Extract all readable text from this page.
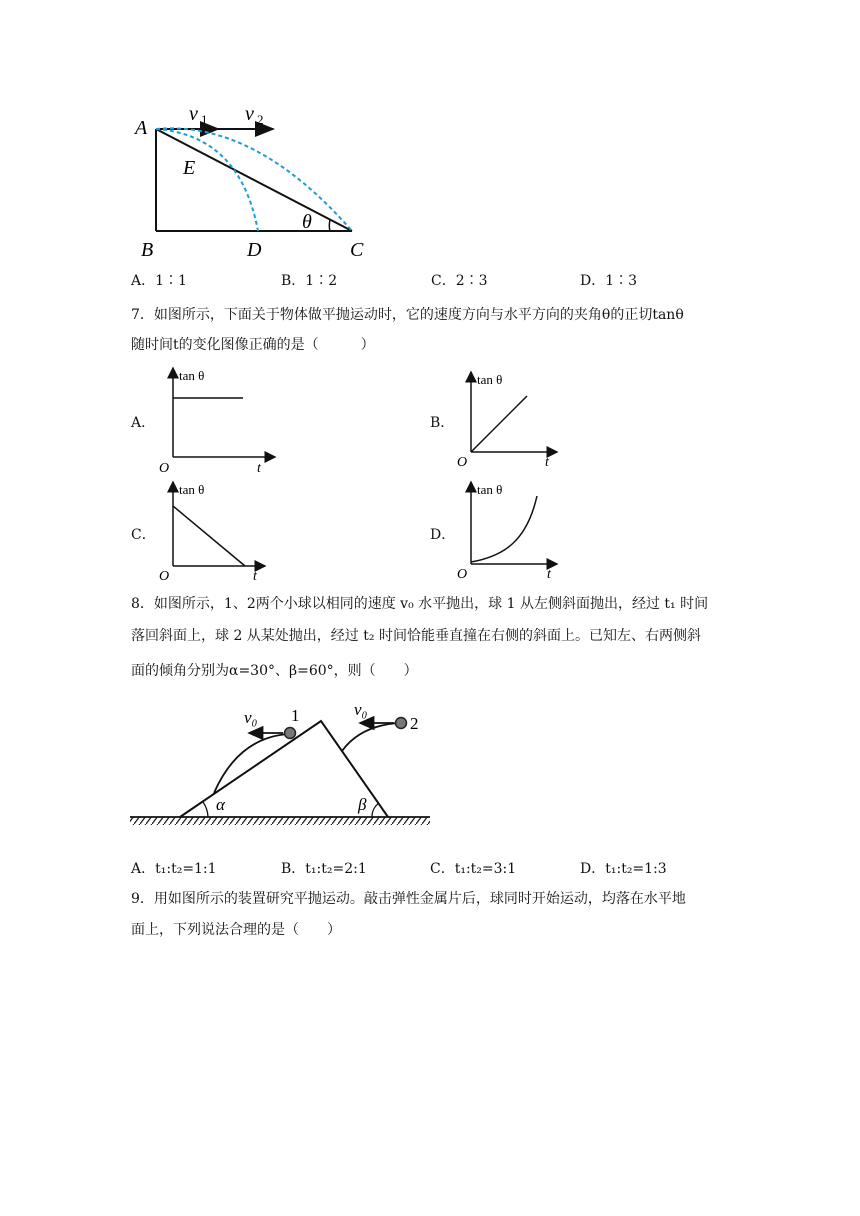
A
B	C
D
E
θ
v 1 v 2
A．1∶1	B．1∶2	C．2∶3	D．1∶3
7．如图所示，下面关于物体做平抛运动时，它的速度方向与水平方向的夹角θ的正切tanθ
随时间t的变化图像正确的是（　　　）
A．	B．
C．	D．
tan θ
O	t
tan θ
O	t
tan θ
O	t
tan θ
O	t
8．如图所示，1、2两个小球以相同的速度 v₀ 水平抛出，球 1 从左侧斜面抛出，经过 t₁ 时间
落回斜面上，球 2 从某处抛出，经过 t₂ 时间恰能垂直撞在右侧的斜面上。已知左、右两侧斜
面的倾角分别为α=30°、β=60°，则（　　）
v₀ 1	v₀
2
α	β
A．t₁:t₂=1:1	B．t₁:t₂=2:1	C．t₁:t₂=3:1	D．t₁:t₂=1:3
9．用如图所示的装置研究平抛运动。敲击弹性金属片后，球同时开始运动，均落在水平地
面上，下列说法合理的是（　　）
